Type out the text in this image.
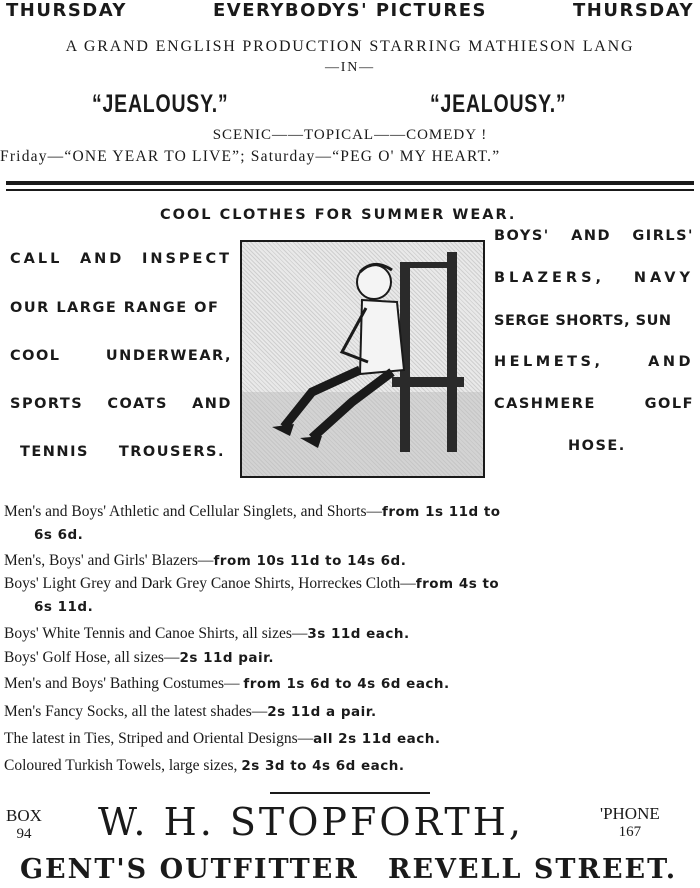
THURSDAY	EVERYBODYS' PICTURES	THURSDAY
A GRAND ENGLISH PRODUCTION STARRING MATHIESON LANG
—IN—
“JEALOUSY.”	“JEALOUSY.”
SCENIC——TOPICAL——COMEDY !
Friday—“ONE YEAR TO LIVE”; Saturday—“PEG O' MY HEART.”
COOL CLOTHES FOR SUMMER WEAR.
CALL AND INSPECT
OUR LARGE RANGE OF
COOL	UNDERWEAR,
SPORTS COATS AND
TENNIS TROUSERS.
BOYS' AND GIRLS'
BLAZERS, NAVY
SERGE SHORTS, SUN
HELMETS,	AND
CASHMERE	GOLF
HOSE.
Men's and Boys' Athletic and Cellular Singlets, and Shorts—from 1s 11d to
6s 6d.
Men's, Boys' and Girls' Blazers—from 10s 11d to 14s 6d.
Boys' Light Grey and Dark Grey Canoe Shirts, Horreckes Cloth—from 4s to
6s 11d.
Boys' White Tennis and Canoe Shirts, all sizes—3s 11d each.
Boys' Golf Hose, all sizes—2s 11d pair.
Men's and Boys' Bathing Costumes— from 1s 6d to 4s 6d each.
Men's Fancy Socks, all the latest shades—2s 11d a pair.
The latest in Ties, Striped and Oriental Designs—all 2s 11d each.
Coloured Turkish Towels, large sizes, 2s 3d to 4s 6d each.
BOX
94 W. H. STOPFORTH,	'PHONE
167
GENT'S OUTFITTER REVELL STREET.
